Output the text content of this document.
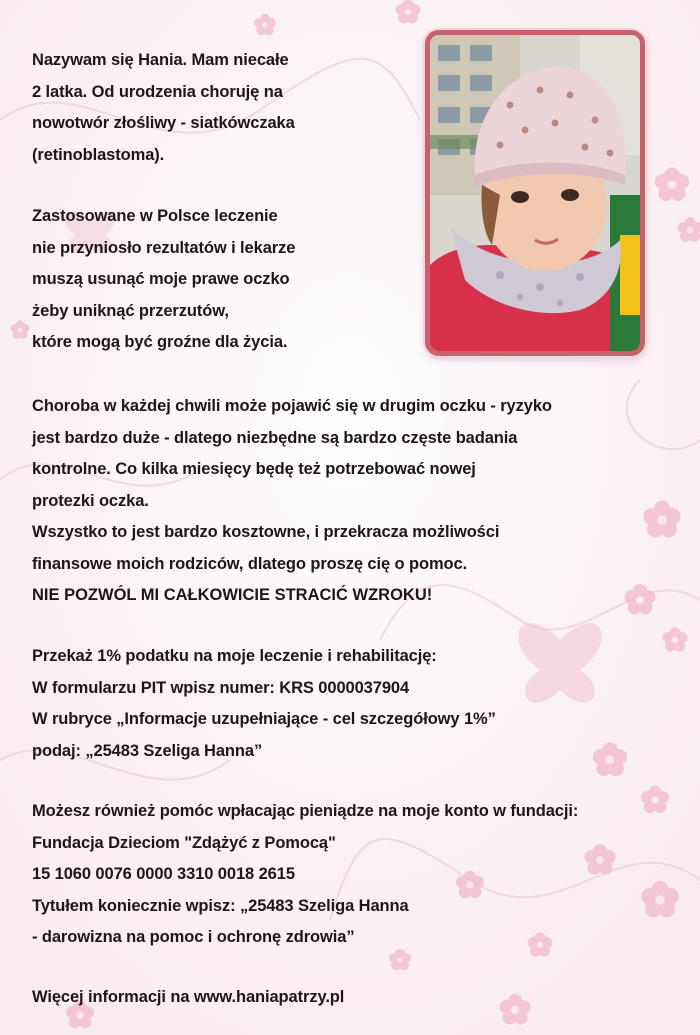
Nazywam się Hania. Mam niecałe
2 latka. Od urodzenia choruję na
nowotwór złośliwy - siatkówczaka
(retinoblastoma).

Zastosowane w Polsce leczenie
nie przyniosło rezultatów i lekarze
muszą usunąć moje prawe oczko
żeby uniknąć przerzutów,
które mogą być groźne dla życia.

Choroba w każdej chwili może pojawić się w drugim oczku - ryzyko
jest bardzo duże - dlatego niezbędne są bardzo częste badania
kontrolne. Co kilka miesięcy będę też potrzebować nowej
protezki oczka.
Wszystko to jest bardzo kosztowne, i przekracza możliwości
finansowe moich rodziców, dlatego proszę cię o pomoc.
NIE POZWÓL MI CAŁKOWICIE STRACIĆ WZROKU!

Przekaż 1% podatku na moje leczenie i rehabilitację:
W formularzu PIT wpisz numer: KRS 0000037904
W rubryce „Informacje uzupełniające - cel szczegółowy 1%”
podaj: „25483 Szeliga Hanna”

Możesz również pomóc wpłacając pieniądze na moje konto w fundacji:
Fundacja Dzieciom "Zdążyć z Pomocą"
15 1060 0076 0000 3310 0018 2615
Tytułem koniecznie wpisz: „25483 Szeliga Hanna
- darowizna na pomoc i ochronę zdrowia”

Więcej informacji na www.haniapatrzy.pl
